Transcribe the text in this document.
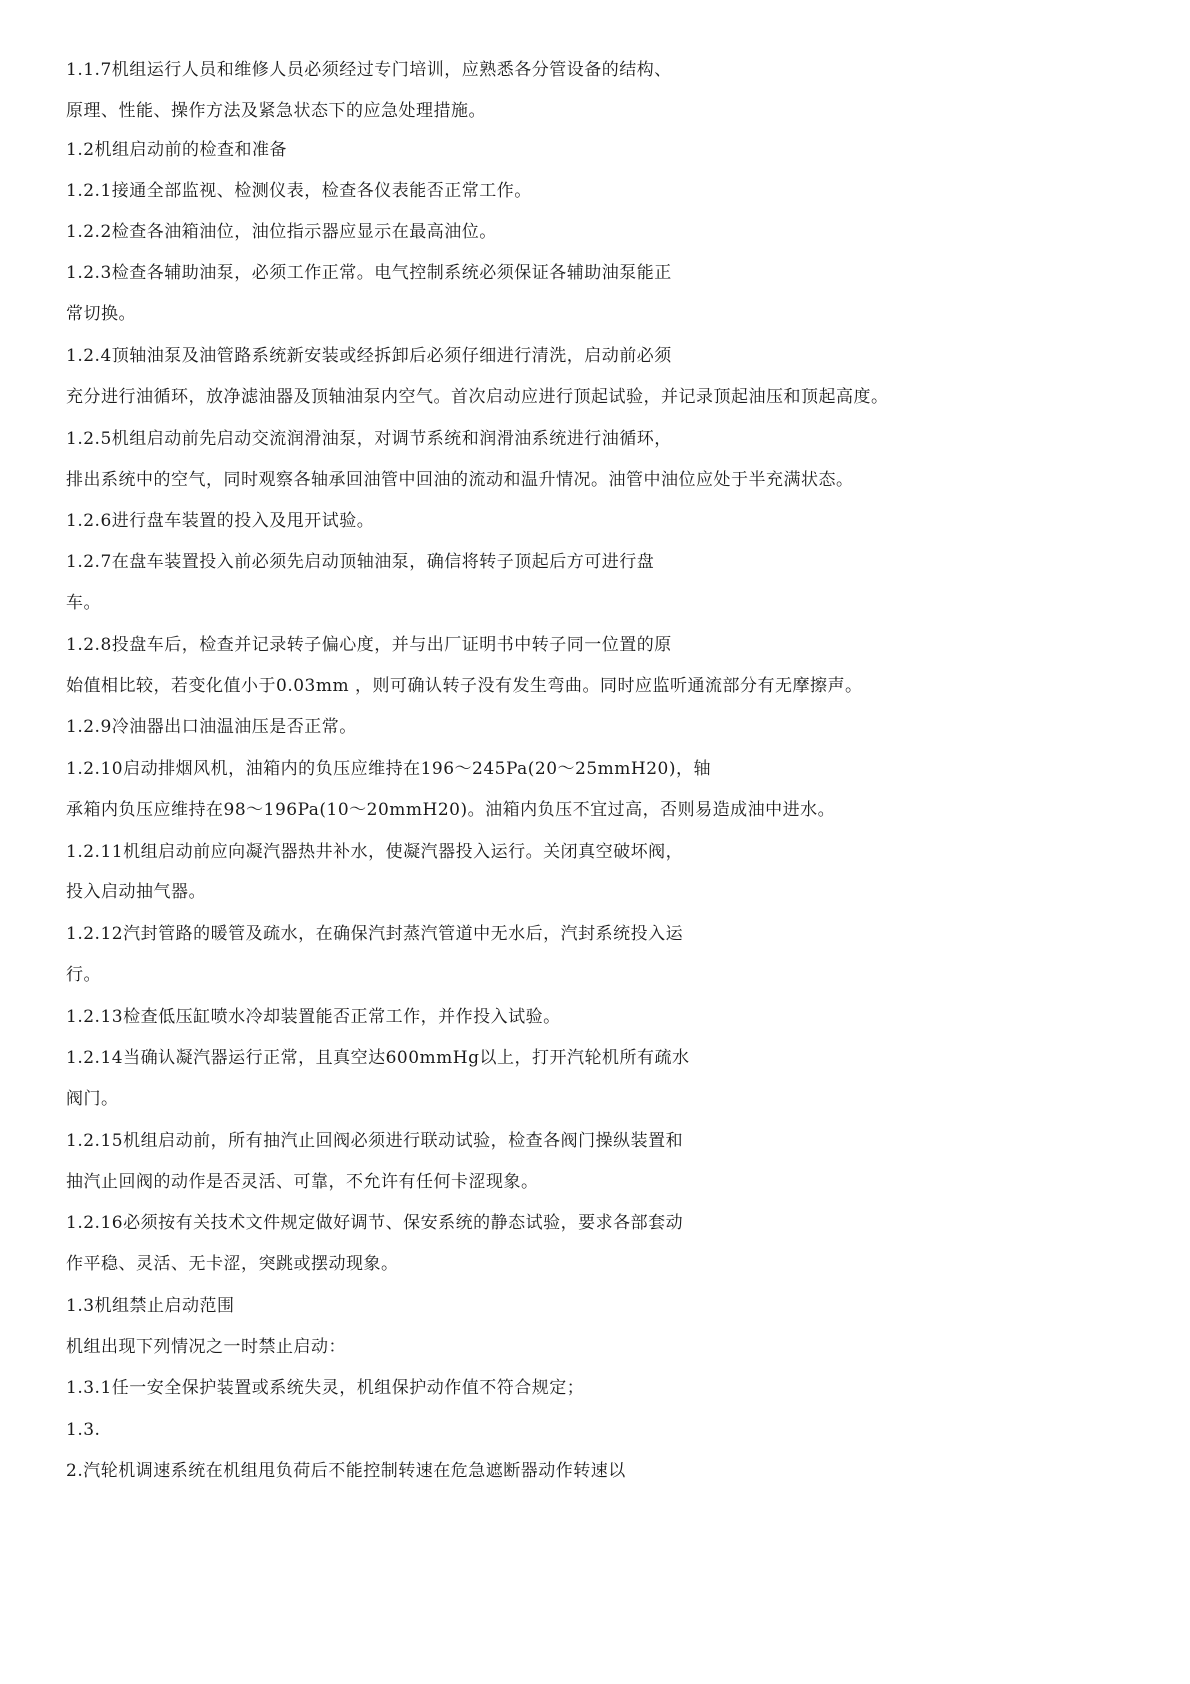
1.1.7机组运行人员和维修人员必须经过专门培训，应熟悉各分管设备的结构、
原理、性能、操作方法及紧急状态下的应急处理措施。
1.2机组启动前的检查和准备
1.2.1接通全部监视、检测仪表，检查各仪表能否正常工作。
1.2.2检查各油箱油位，油位指示器应显示在最高油位。
1.2.3检查各辅助油泵，必须工作正常。电气控制系统必须保证各辅助油泵能正
常切换。
1.2.4顶轴油泵及油管路系统新安装或经拆卸后必须仔细进行清洗，启动前必须
充分进行油循环，放净滤油器及顶轴油泵内空气。首次启动应进行顶起试验，并记录顶起油压和顶起高度。
1.2.5机组启动前先启动交流润滑油泵，对调节系统和润滑油系统进行油循环，
排出系统中的空气，同时观察各轴承回油管中回油的流动和温升情况。油管中油位应处于半充满状态。
1.2.6进行盘车装置的投入及甩开试验。
1.2.7在盘车装置投入前必须先启动顶轴油泵，确信将转子顶起后方可进行盘
车。
1.2.8投盘车后，检查并记录转子偏心度，并与出厂证明书中转子同一位置的原
始值相比较，若变化值小于0.03mm ，则可确认转子没有发生弯曲。同时应监听通流部分有无摩擦声。
1.2.9冷油器出口油温油压是否正常。
1.2.10启动排烟风机，油箱内的负压应维持在196～245Pa(20～25mmH20)，轴
承箱内负压应维持在98～196Pa(10～20mmH20)。油箱内负压不宜过高，否则易造成油中进水。
1.2.11机组启动前应向凝汽器热井补水，使凝汽器投入运行。关闭真空破坏阀，
投入启动抽气器。
1.2.12汽封管路的暖管及疏水，在确保汽封蒸汽管道中无水后，汽封系统投入运
行。
1.2.13检查低压缸喷水冷却装置能否正常工作，并作投入试验。
1.2.14当确认凝汽器运行正常，且真空达600mmHg以上，打开汽轮机所有疏水
阀门。
1.2.15机组启动前，所有抽汽止回阀必须进行联动试验，检查各阀门操纵装置和
抽汽止回阀的动作是否灵活、可靠，不允许有任何卡涩现象。
1.2.16必须按有关技术文件规定做好调节、保安系统的静态试验，要求各部套动
作平稳、灵活、无卡涩，突跳或摆动现象。
1.3机组禁止启动范围
机组出现下列情况之一时禁止启动：
1.3.1任一安全保护装置或系统失灵，机组保护动作值不符合规定；
1.3.
2.汽轮机调速系统在机组甩负荷后不能控制转速在危急遮断器动作转速以
